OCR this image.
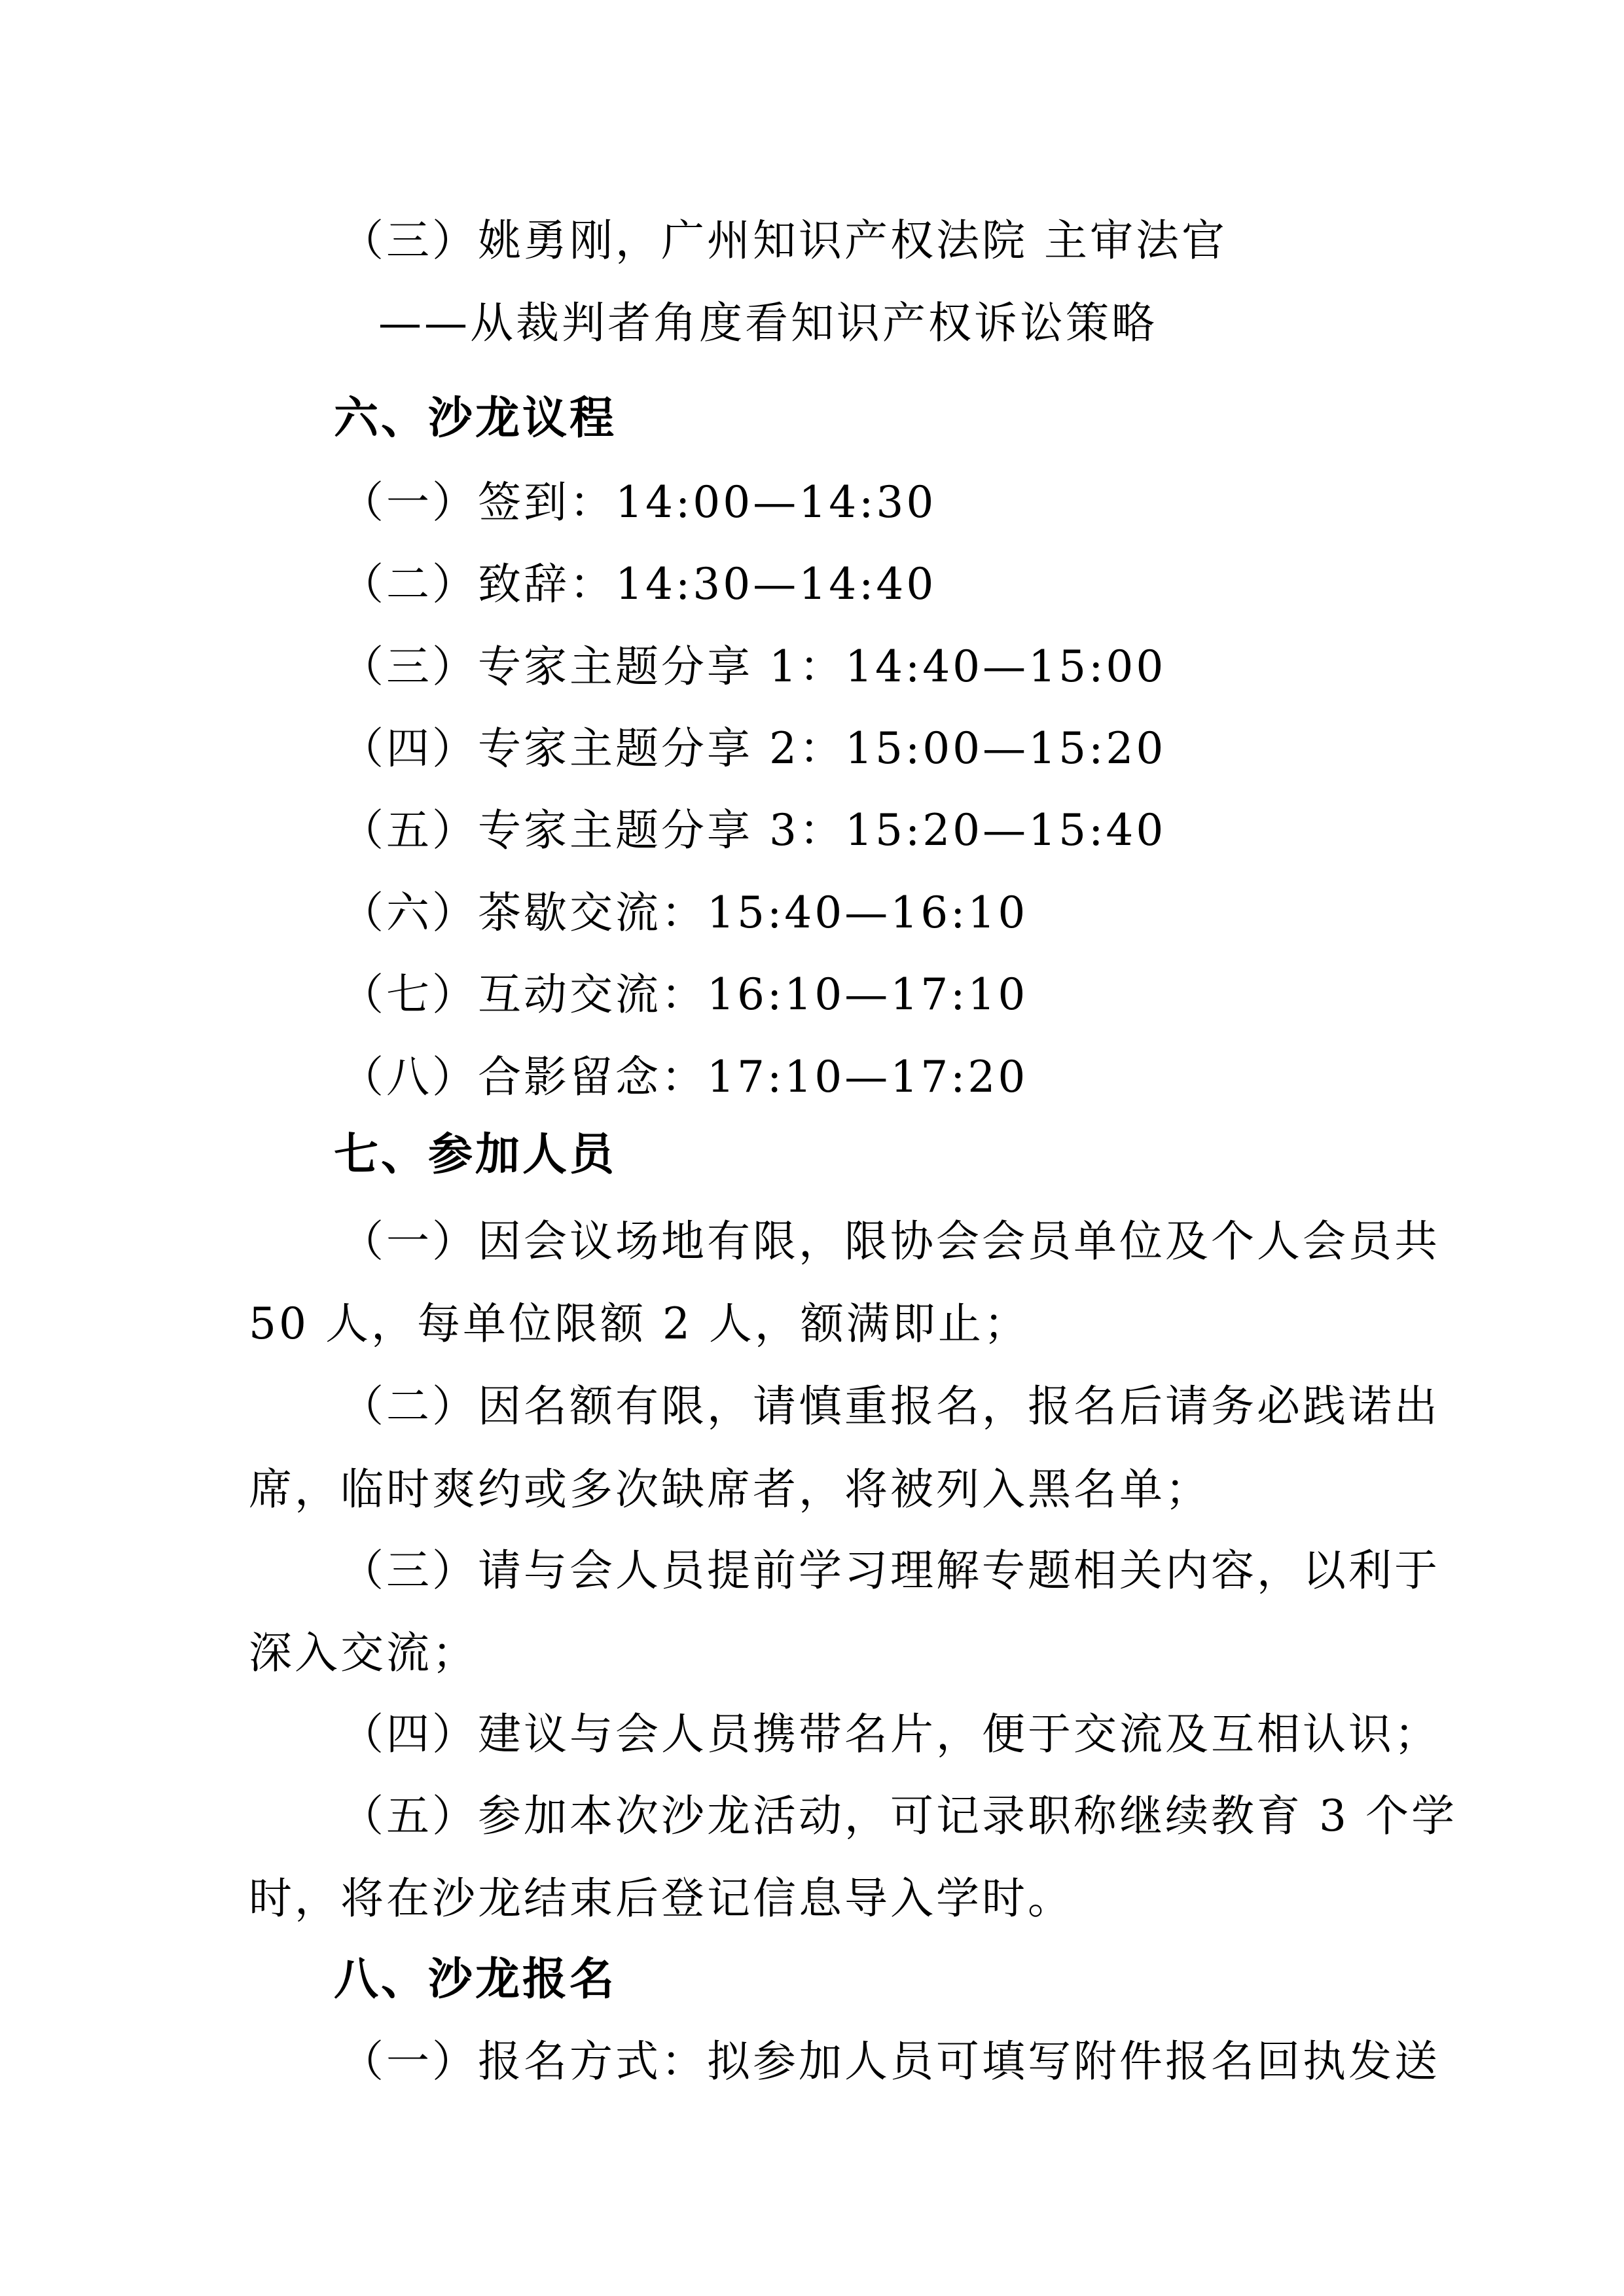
（三）姚勇刚，广州知识产权法院 主审法官
——从裁判者角度看知识产权诉讼策略
六、沙龙议程
（一）签到：14:00—14:30
（二）致辞：14:30—14:40
（三）专家主题分享 1：14:40—15:00
（四）专家主题分享 2：15:00—15:20
（五）专家主题分享 3：15:20—15:40
（六）茶歇交流：15:40—16:10
（七）互动交流：16:10—17:10
（八）合影留念：17:10—17:20
七、参加人员
（一）因会议场地有限，限协会会员单位及个人会员共
50 人，每单位限额 2 人，额满即止；
（二）因名额有限，请慎重报名，报名后请务必践诺出
席，临时爽约或多次缺席者，将被列入黑名单；
（三）请与会人员提前学习理解专题相关内容，以利于
深入交流；
（四）建议与会人员携带名片，便于交流及互相认识；
（五）参加本次沙龙活动，可记录职称继续教育 3 个学
时，将在沙龙结束后登记信息导入学时。
八、沙龙报名
（一）报名方式：拟参加人员可填写附件报名回执发送
